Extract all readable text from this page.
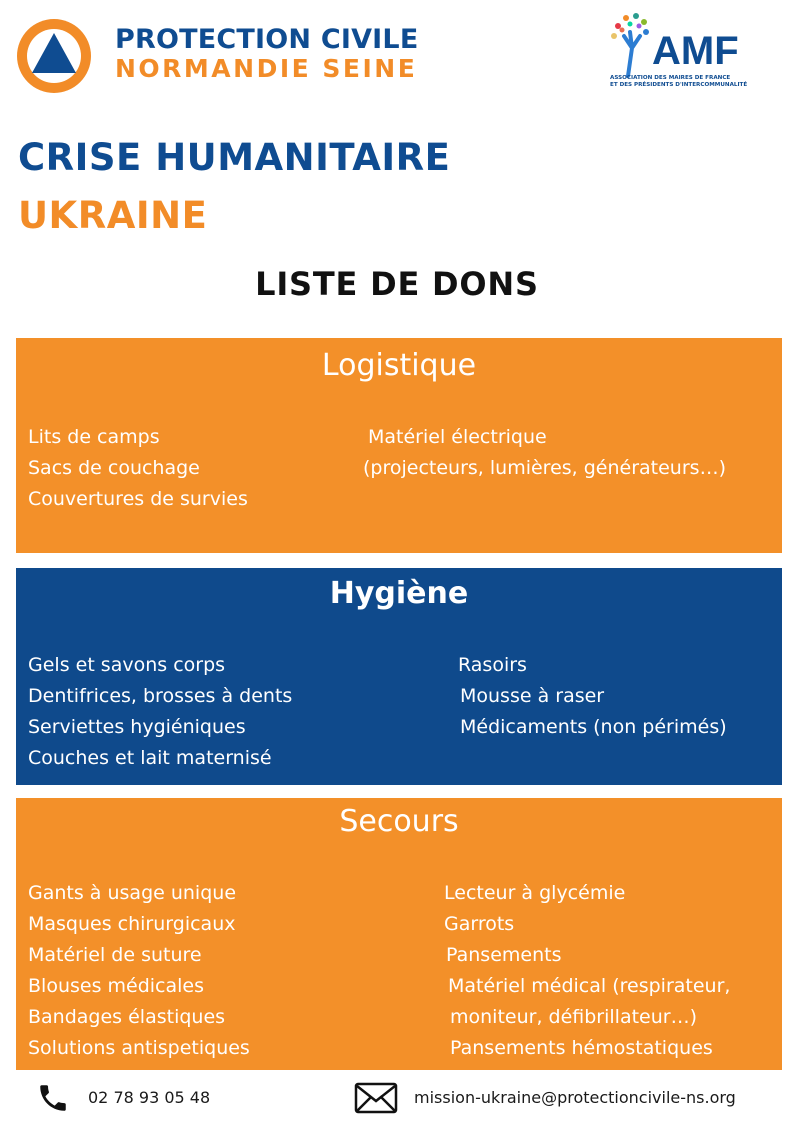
PROTECTION CIVILE
NORMANDIE SEINE	AMF
ASSOCIATION DES MAIRES DE FRANCE
ET DES PRÉSIDENTS D'INTERCOMMUNALITÉ
CRISE HUMANITAIRE
UKRAINE
LISTE DE DONS
Logistique
Lits de camps
Sacs de couchage
Couvertures de survies
Matériel électrique
(projecteurs, lumières, générateurs…)
Hygiène
Gels et savons corps
Dentifrices, brosses à dents
Serviettes hygiéniques
Couches et lait maternisé
Rasoirs
Mousse à raser
Médicaments (non périmés)
Secours
Gants à usage unique
Masques chirurgicaux
Matériel de suture
Blouses médicales
Bandages élastiques
Solutions antispetiques
Lecteur à glycémie
Garrots
Pansements
Matériel médical (respirateur,
moniteur, défibrillateur…)
Pansements hémostatiques
02 78 93 05 48	mission-ukraine@protectioncivile-ns.org
